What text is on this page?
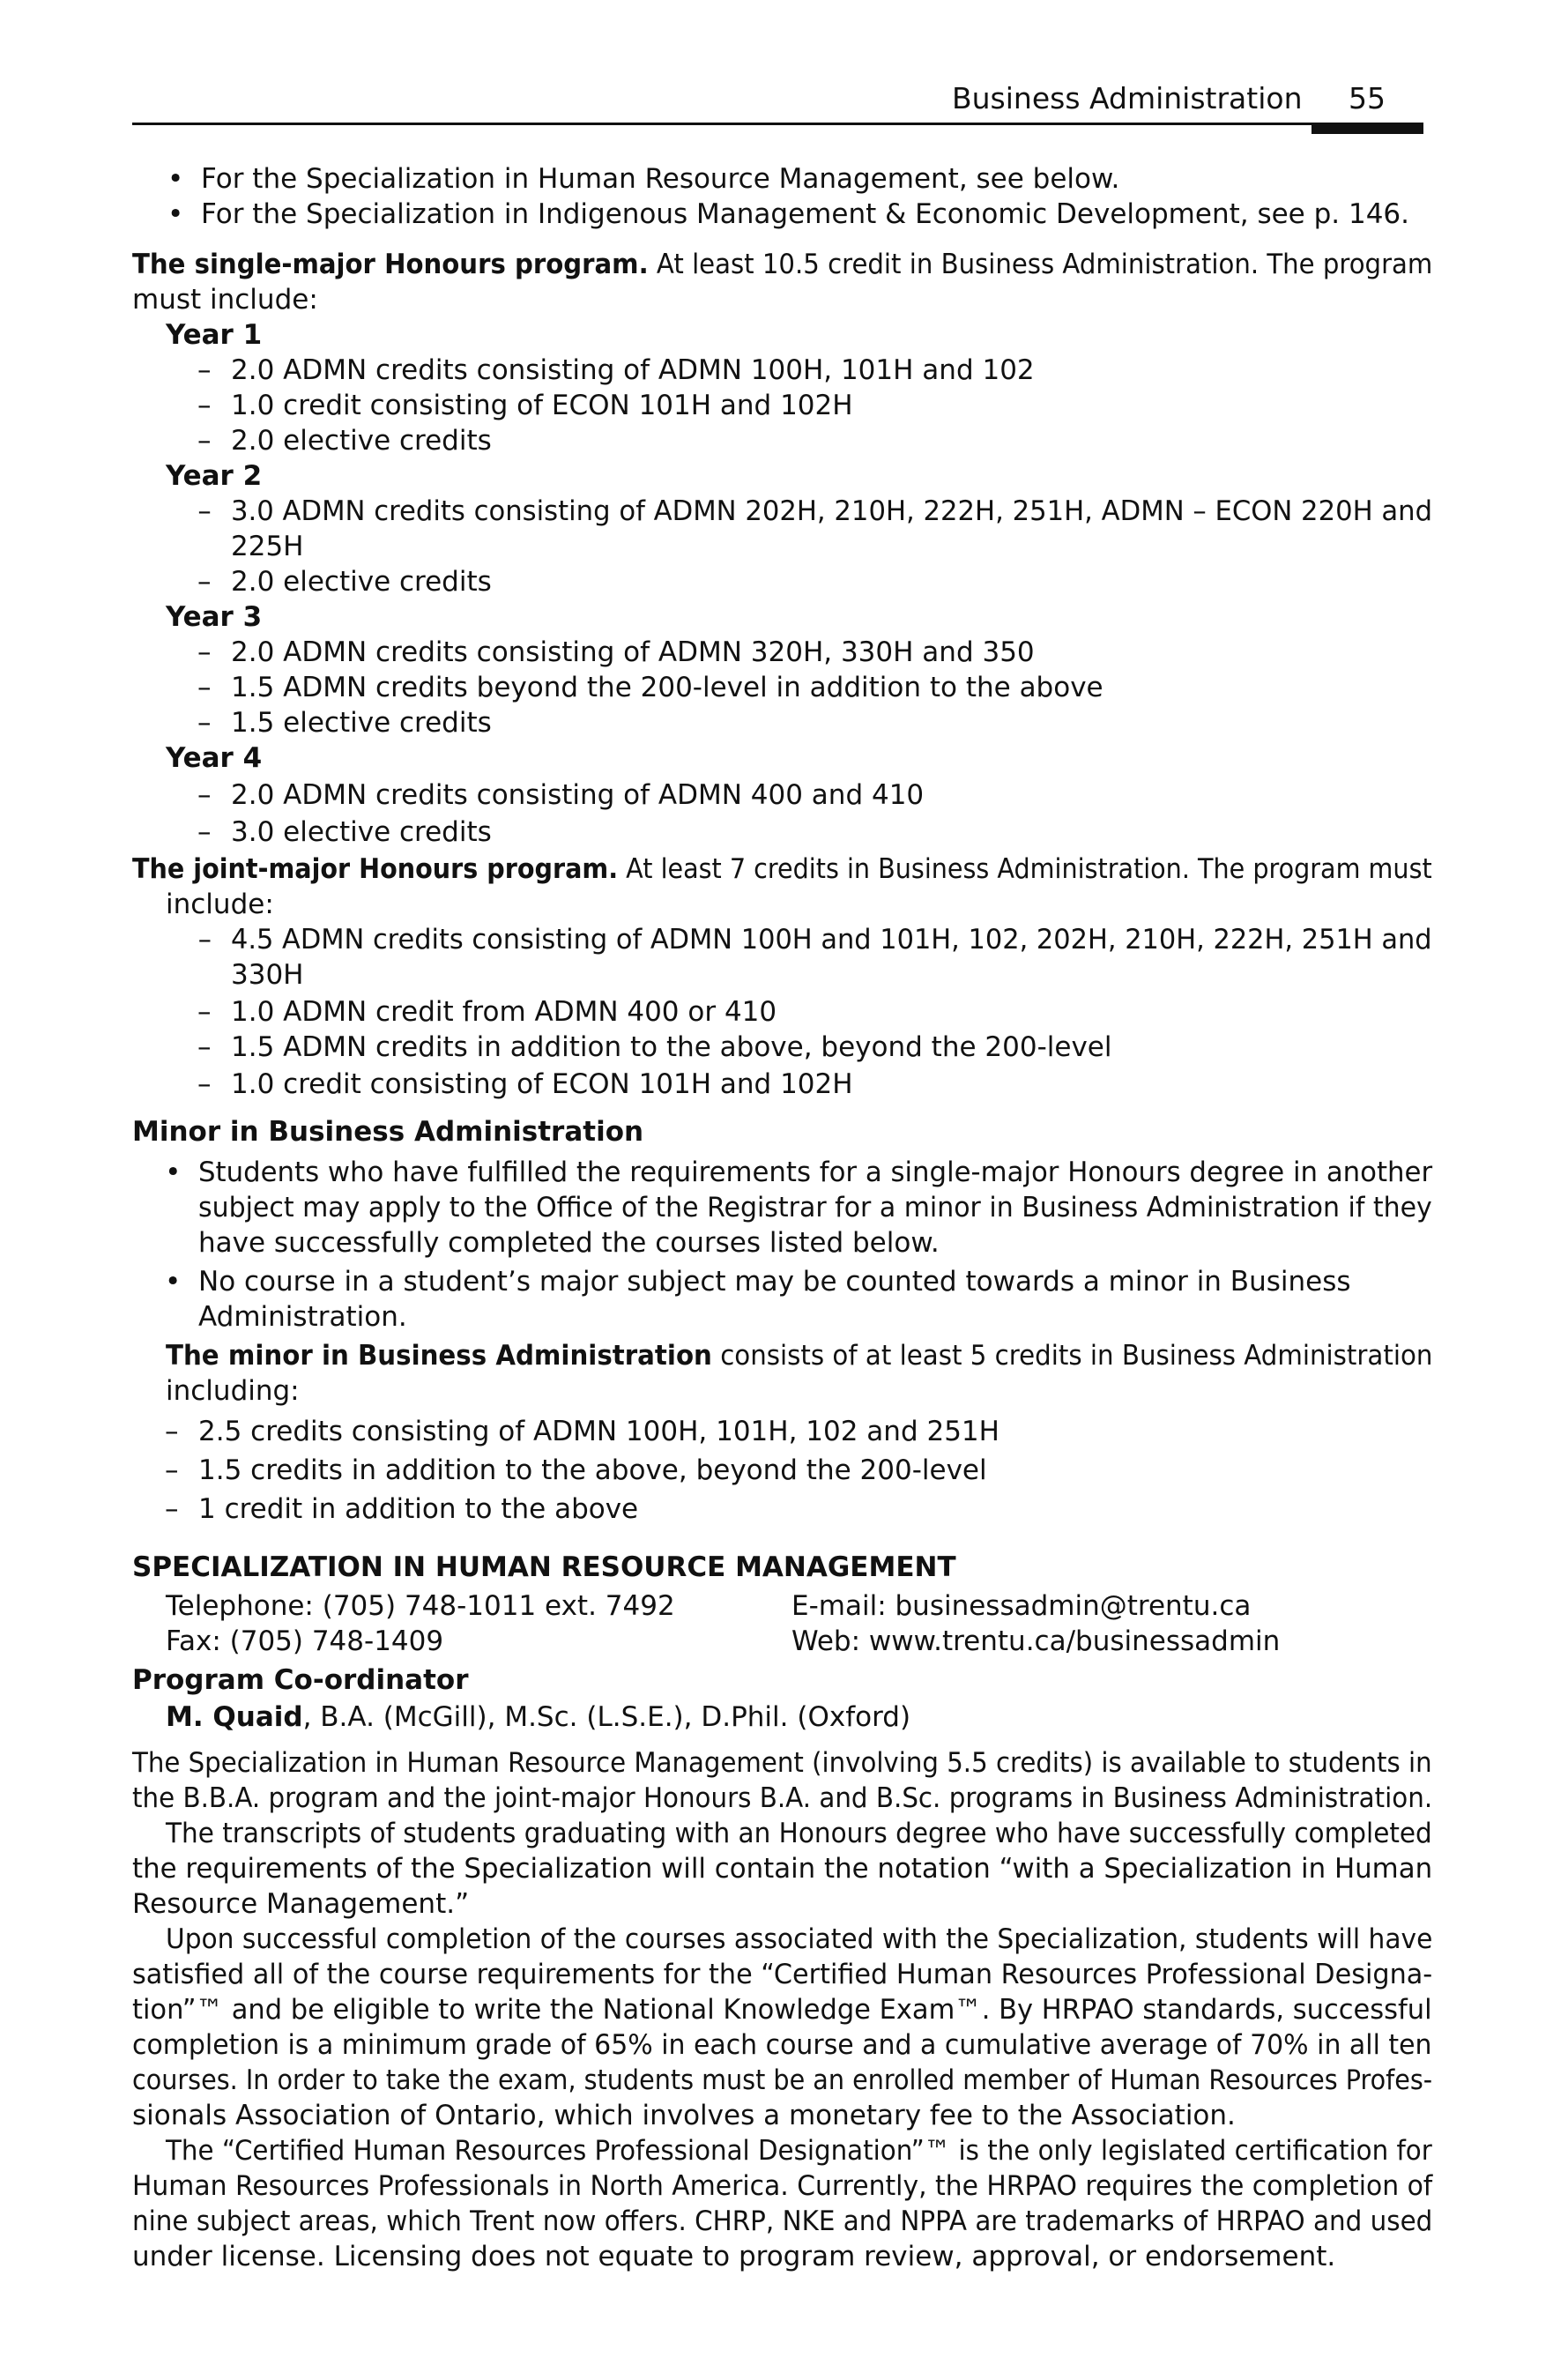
Business Administration 55
• For the Specialization in Human Resource Management, see below.
• For the Specialization in Indigenous Management & Economic Development, see p. 146.
The single-major Honours program. At least 10.5 credit in Business Administration. The program
must include:
Year 1
– 2.0 ADMN credits consisting of ADMN 100H, 101H and 102
– 1.0 credit consisting of ECON 101H and 102H
– 2.0 elective credits
Year 2
– 3.0 ADMN credits consisting of ADMN 202H, 210H, 222H, 251H, ADMN – ECON 220H and
225H
– 2.0 elective credits
Year 3
– 2.0 ADMN credits consisting of ADMN 320H, 330H and 350
– 1.5 ADMN credits beyond the 200-level in addition to the above
– 1.5 elective credits
Year 4
– 2.0 ADMN credits consisting of ADMN 400 and 410
– 3.0 elective credits
The joint-major Honours program. At least 7 credits in Business Administration. The program must
include:
– 4.5 ADMN credits consisting of ADMN 100H and 101H, 102, 202H, 210H, 222H, 251H and
330H
– 1.0 ADMN credit from ADMN 400 or 410
– 1.5 ADMN credits in addition to the above, beyond the 200-level
– 1.0 credit consisting of ECON 101H and 102H
Minor in Business Administration
• Students who have fulfilled the requirements for a single-major Honours degree in another
subject may apply to the Office of the Registrar for a minor in Business Administration if they
have successfully completed the courses listed below.
• No course in a student’s major subject may be counted towards a minor in Business
Administration.
The minor in Business Administration consists of at least 5 credits in Business Administration
including:
– 2.5 credits consisting of ADMN 100H, 101H, 102 and 251H
– 1.5 credits in addition to the above, beyond the 200-level
– 1 credit in addition to the above
SPECIALIZATION IN HUMAN RESOURCE MANAGEMENT
Telephone: (705) 748-1011 ext. 7492	E-mail: businessadmin@trentu.ca
Fax: (705) 748-1409	Web: www.trentu.ca/businessadmin
Program Co-ordinator
M. Quaid, B.A. (McGill), M.Sc. (L.S.E.), D.Phil. (Oxford)
The Specialization in Human Resource Management (involving 5.5 credits) is available to students in
the B.B.A. program and the joint-major Honours B.A. and B.Sc. programs in Business Administration.
The transcripts of students graduating with an Honours degree who have successfully completed
the requirements of the Specialization will contain the notation “with a Specialization in Human
Resource Management.”
Upon successful completion of the courses associated with the Specialization, students will have
satisfied all of the course requirements for the “Certified Human Resources Professional Designa-
tion”™ and be eligible to write the National Knowledge Exam™. By HRPAO standards, successful
completion is a minimum grade of 65% in each course and a cumulative average of 70% in all ten
courses. In order to take the exam, students must be an enrolled member of Human Resources Profes-
sionals Association of Ontario, which involves a monetary fee to the Association.
The “Certified Human Resources Professional Designation”™ is the only legislated certification for
Human Resources Professionals in North America. Currently, the HRPAO requires the completion of
nine subject areas, which Trent now offers. CHRP, NKE and NPPA are trademarks of HRPAO and used
under license. Licensing does not equate to program review, approval, or endorsement.
